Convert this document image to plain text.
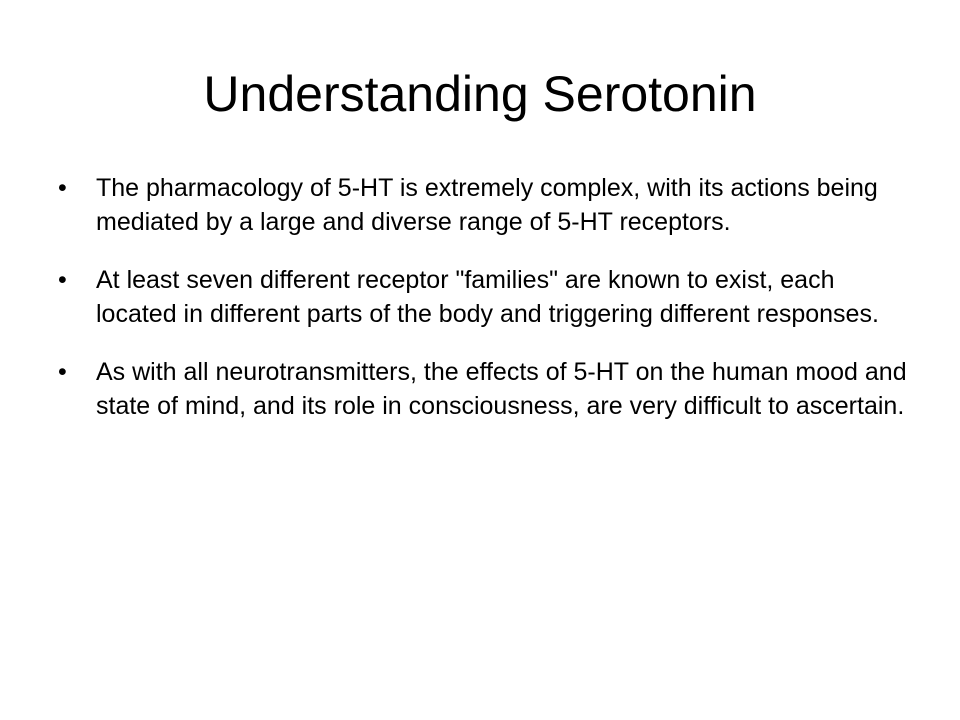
Understanding Serotonin
•	The pharmacology of 5-HT is extremely complex, with its actions being mediated by a large and diverse range of 5-HT receptors.
•	At least seven different receptor "families" are known to exist, each located in different parts of the body and triggering different responses.
•	As with all neurotransmitters, the effects of 5-HT on the human mood and state of mind, and its role in consciousness, are very difficult to ascertain.
